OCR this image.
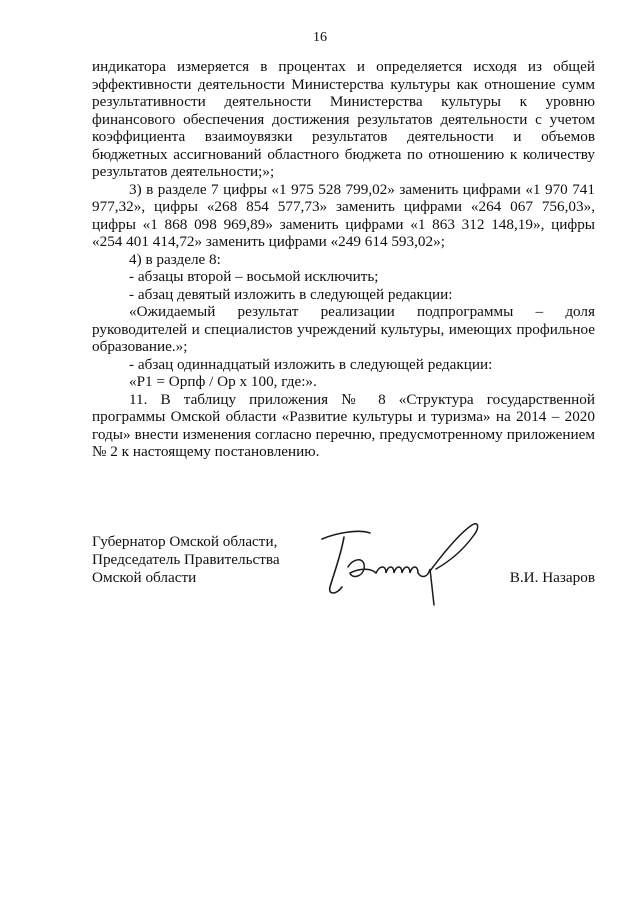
16

индикатора измеряется в процентах и определяется исходя из общей эффективности деятельности Министерства культуры как отношение сумм результативности деятельности Министерства культуры к уровню финансового обеспечения достижения результатов деятельности с учетом коэффициента взаимоувязки результатов деятельности и объемов бюджетных ассигнований областного бюджета по отношению к количеству результатов деятельности;»;

3) в разделе 7 цифры «1 975 528 799,02» заменить цифрами «1 970 741 977,32», цифры «268 854 577,73» заменить цифрами «264 067 756,03», цифры «1 868 098 969,89» заменить цифрами «1 863 312 148,19», цифры «254 401 414,72» заменить цифрами «249 614 593,02»;

4) в разделе 8:

- абзацы второй – восьмой исключить;

- абзац девятый изложить в следующей редакции:

«Ожидаемый результат реализации подпрограммы – доля руководителей и специалистов учреждений культуры, имеющих профильное образование.»;

- абзац одиннадцатый изложить в следующей редакции:

«P1 = Орпф / Ор x 100, где:».

11. В таблицу приложения № 8 «Структура государственной программы Омской области «Развитие культуры и туризма» на 2014 – 2020 годы» внести изменения согласно перечню, предусмотренному приложением № 2 к настоящему постановлению.

Губернатор Омской области,
Председатель Правительства
Омской области	В.И. Назаров
